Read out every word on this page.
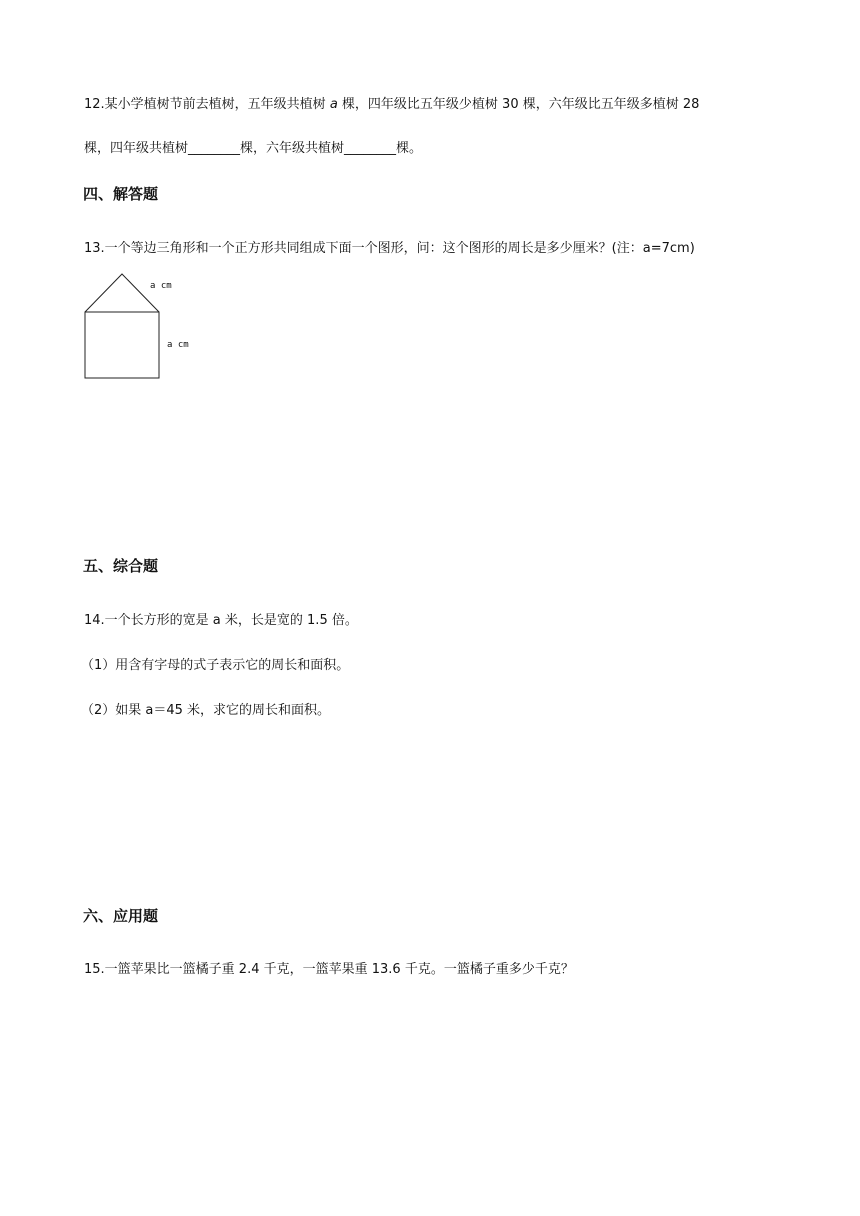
12.某小学植树节前去植树，五年级共植树 a 棵，四年级比五年级少植树 30 棵，六年级比五年级多植树 28
棵，四年级共植树________棵，六年级共植树________棵。
四、解答题
13.一个等边三角形和一个正方形共同组成下面一个图形，问：这个图形的周长是多少厘米？(注：a=7cm)
a cm
a cm
五、综合题
14.一个长方形的宽是 a 米，长是宽的 1.5 倍。
（1）用含有字母的式子表示它的周长和面积。
（2）如果 a＝45 米，求它的周长和面积。
六、应用题
15.一篮苹果比一篮橘子重 2.4 千克，一篮苹果重 13.6 千克。一篮橘子重多少千克？
